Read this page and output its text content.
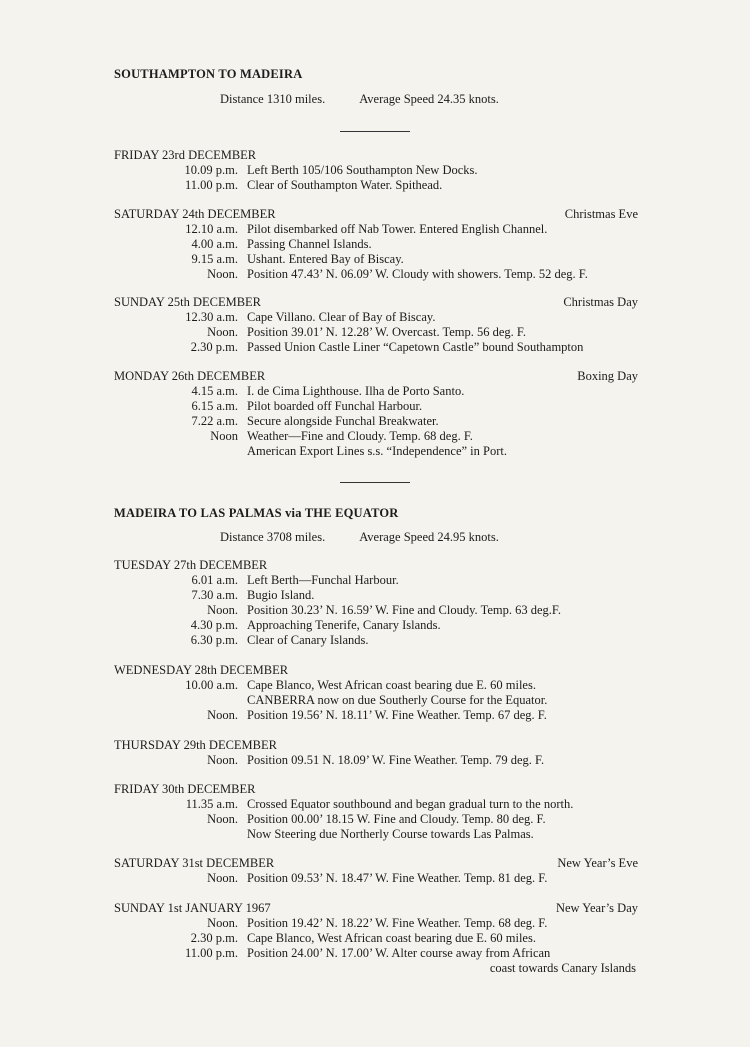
SOUTHAMPTON TO MADEIRA
Distance 1310 miles.	Average Speed 24.35 knots.
FRIDAY 23rd DECEMBER
10.09 p.m. Left Berth 105/106 Southampton New Docks.
11.00 p.m. Clear of Southampton Water. Spithead.
SATURDAY 24th DECEMBER	Christmas Eve
12.10 a.m. Pilot disembarked off Nab Tower. Entered English Channel.
4.00 a.m. Passing Channel Islands.
9.15 a.m. Ushant. Entered Bay of Biscay.
Noon. Position 47.43’ N. 06.09’ W. Cloudy with showers. Temp. 52 deg. F.
SUNDAY 25th DECEMBER	Christmas Day
12.30 a.m. Cape Villano. Clear of Bay of Biscay.
Noon. Position 39.01’ N. 12.28’ W. Overcast. Temp. 56 deg. F.
2.30 p.m. Passed Union Castle Liner “Capetown Castle” bound Southampton
MONDAY 26th DECEMBER	Boxing Day
4.15 a.m. I. de Cima Lighthouse. Ilha de Porto Santo.
6.15 a.m. Pilot boarded off Funchal Harbour.
7.22 a.m. Secure alongside Funchal Breakwater.
Noon Weather—Fine and Cloudy. Temp. 68 deg. F.
American Export Lines s.s. “Independence” in Port.
MADEIRA TO LAS PALMAS via THE EQUATOR
Distance 3708 miles.	Average Speed 24.95 knots.
TUESDAY 27th DECEMBER
6.01 a.m. Left Berth—Funchal Harbour.
7.30 a.m. Bugio Island.
Noon. Position 30.23’ N. 16.59’ W. Fine and Cloudy. Temp. 63 deg.F.
4.30 p.m. Approaching Tenerife, Canary Islands.
6.30 p.m. Clear of Canary Islands.
WEDNESDAY 28th DECEMBER
10.00 a.m. Cape Blanco, West African coast bearing due E. 60 miles.
CANBERRA now on due Southerly Course for the Equator.
Noon. Position 19.56’ N. 18.11’ W. Fine Weather. Temp. 67 deg. F.
THURSDAY 29th DECEMBER
Noon. Position 09.51 N. 18.09’ W. Fine Weather. Temp. 79 deg. F.
FRIDAY 30th DECEMBER
11.35 a.m. Crossed Equator southbound and began gradual turn to the north.
Noon. Position 00.00’ 18.15 W. Fine and Cloudy. Temp. 80 deg. F.
Now Steering due Northerly Course towards Las Palmas.
SATURDAY 31st DECEMBER	New Year’s Eve
Noon. Position 09.53’ N. 18.47’ W. Fine Weather. Temp. 81 deg. F.
SUNDAY 1st JANUARY 1967	New Year’s Day
Noon. Position 19.42’ N. 18.22’ W. Fine Weather. Temp. 68 deg. F.
2.30 p.m. Cape Blanco, West African coast bearing due E. 60 miles.
11.00 p.m. Position 24.00’ N. 17.00’ W. Alter course away from African
coast towards Canary Islands
